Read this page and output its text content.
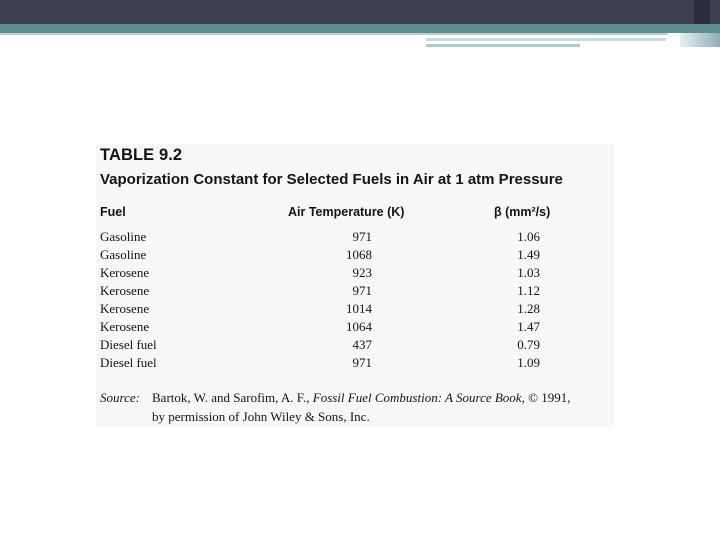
TABLE 9.2
Vaporization Constant for Selected Fuels in Air at 1 atm Pressure
Fuel	Air Temperature (K)	β (mm²/s)
Gasoline	971	1.06
Gasoline	1068	1.49
Kerosene	923	1.03
Kerosene	971	1.12
Kerosene	1014	1.28
Kerosene	1064	1.47
Diesel fuel	437	0.79
Diesel fuel	971	1.09
Source: Bartok, W. and Sarofim, A. F., Fossil Fuel Combustion: A Source Book, © 1991,
by permission of John Wiley & Sons, Inc.
